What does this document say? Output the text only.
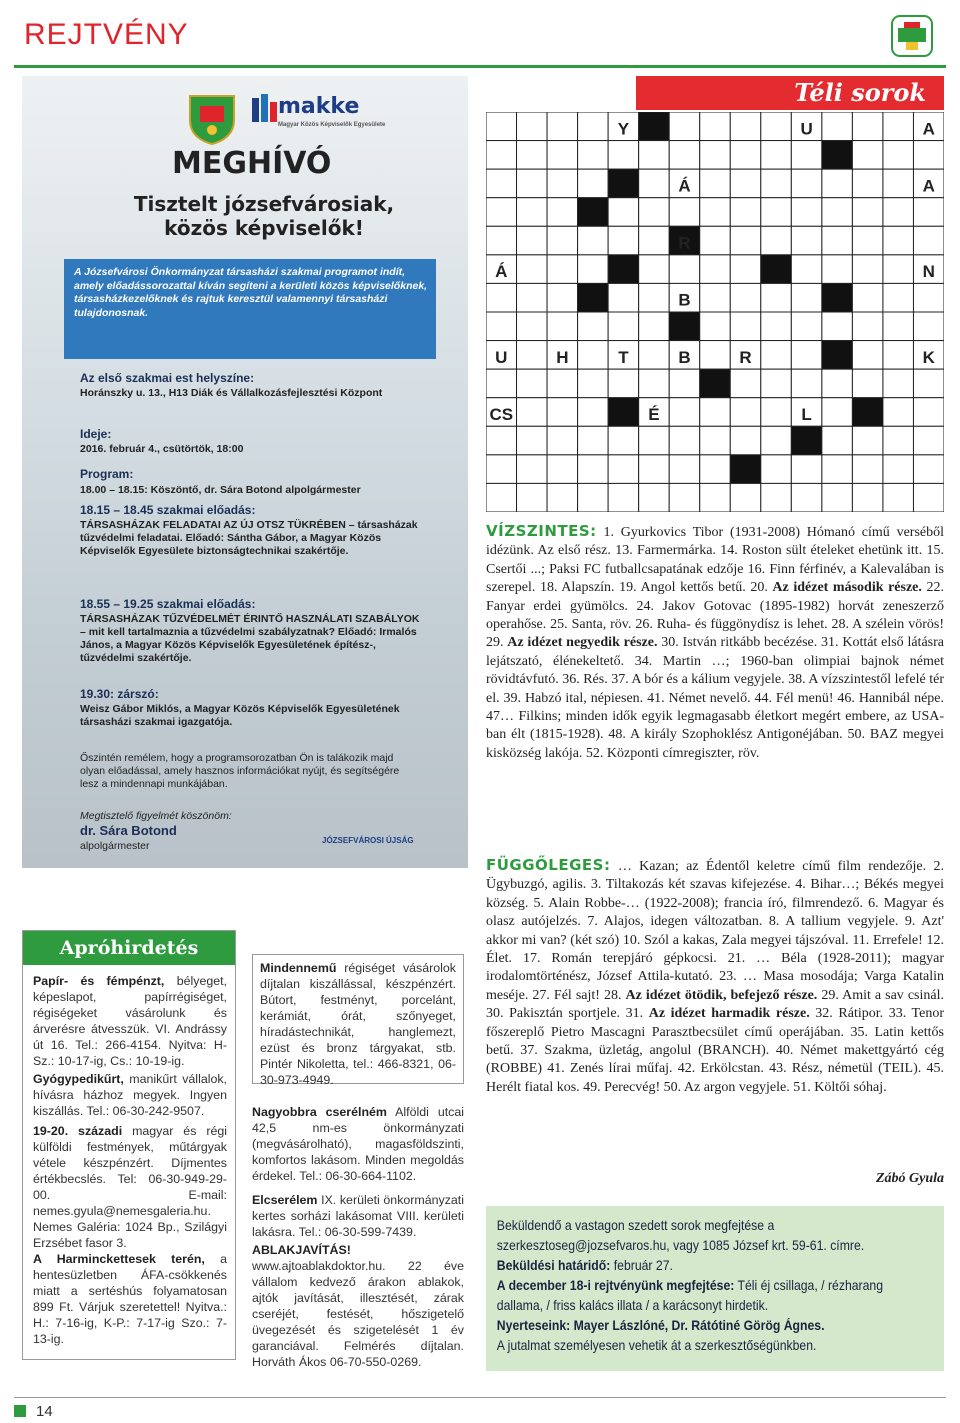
REJTVÉNY
makke
Magyar Közös Képviselők Egyesülete
MEGHÍVÓ
Tisztelt józsefvárosiak, közös képviselők!
A Józsefvárosi Önkormányzat társasházi szakmai programot indít, amely előadássorozattal kíván segíteni a kerületi közös képviselőknek, társasházkezelőknek és rajtuk keresztül valamennyi társasházi tulajdonosnak.
Az első szakmai est helyszíne:
Horánszky u. 13., H13 Diák és Vállalkozásfejlesztési Központ
Ideje:
2016. február 4., csütörtök, 18:00
Program:
18.00 – 18.15: Köszöntő, dr. Sára Botond alpolgármester
18.15 – 18.45 szakmai előadás:
TÁRSASHÁZAK FELADATAI AZ ÚJ OTSZ TÜKRÉBEN – társasházak tűzvédelmi feladatai. Előadó: Sántha Gábor, a Magyar Közös Képviselők Egyesülete biztonságtechnikai szakértője.
18.55 – 19.25 szakmai előadás:
TÁRSASHÁZAK TŰZVÉDELMÉT ÉRINTŐ HASZNÁLATI SZABÁLYOK – mit kell tartalmaznia a tűzvédelmi szabályzatnak? Előadó: Irmalós János, a Magyar Közös Képviselők Egyesületének építész-, tűzvédelmi szakértője.
19.30: zárszó:
Weisz Gábor Miklós, a Magyar Közös Képviselők Egyesületének társasházi szakmai igazgatója.
Őszintén remélem, hogy a programsorozatban Ön is talákozik majd olyan előadással, amely hasznos információkat nyújt, és segítségére lesz a mindennapi munkájában.
Megtisztelő figyelmét köszönöm:
dr. Sára Botond
alpolgármester	JÓZSEFVÁROSI ÚJSÁG
Téli sorok
Y	U	A
Á	A
R
Á	N
B
U	H	T	B	R	K
CS	É	L
VÍZSZINTES: 1. Gyurkovics Tibor (1931-2008) Hómanó című verséből idézünk. Az első rész. 13. Farmermárka. 14. Roston sült ételeket ehetünk itt. 15. Csertői ...; Paksi FC futballcsapatának edzője 16. Finn férfinév, a Kalevalában is szerepel. 18. Alapszín. 19. Angol kettős betű. 20. Az idézet második része. 22. Fanyar erdei gyümölcs. 24. Jakov Gotovac (1895-1982) horvát zeneszerző operahőse. 25. Santa, röv. 26. Ruha- és függönydísz is lehet. 28. A szélein vörös! 29. Az idézet negyedik része. 30. István ritkább becézése. 31. Kottát első látásra lejátszató, élénekeltető. 34. Martin …; 1960-ban olimpiai bajnok német rövidtávfutó. 36. Rés. 37. A bór és a kálium vegyjele. 38. A vízszintestől lefelé tér el. 39. Habzó ital, népiesen. 41. Német nevelő. 44. Fél menü! 46. Hannibál népe. 47… Filkins; minden idők egyik legmagasabb életkort megért embere, az USA-ban élt (1815-1928). 48. A király Szophoklész Antigonéjában. 50. BAZ megyei kisközség lakója. 52. Központi címregiszter, röv.
FÜGGŐLEGES: … Kazan; az Édentől keletre című film rendezője. 2. Ügybuzgó, agilis. 3. Tiltakozás két szavas kifejezése. 4. Bihar…; Békés megyei község. 5. Alain Robbe-… (1922-2008); francia író, filmrendező. 6. Magyar és olasz autójelzés. 7. Alajos, idegen változatban. 8. A tallium vegyjele. 9. Azt' akkor mi van? (két szó) 10. Szól a kakas, Zala megyei tájszóval. 11. Errefele! 12. Élet. 17. Román terepjáró gépkocsi. 21. … Béla (1928-2011); magyar irodalomtörténész, József Attila-kutató. 23. … Masa mosodája; Varga Katalin meséje. 27. Fél sajt! 28. Az idézet ötödik, befejező része. 29. Amit a sav csinál. 30. Pakisztán sportjele. 31. Az idézet harmadik része. 32. Rátipor. 33. Tenor főszereplő Pietro Mascagni Parasztbecsület című operájában. 35. Latin kettős betű. 37. Szakma, üzletág, angolul (BRANCH). 40. Német makettgyártó cég (ROBBE) 41. Zenés lírai műfaj. 42. Erkölcstan. 43. Rész, németül (TEIL). 45. Herélt fiatal kos. 49. Perecvég! 50. Az argon vegyjele. 51. Költői sóhaj.
Zábó Gyula

Beküldendő a vastagon szedett sorok megfejtése a szerkesztoseg@jozsefvaros.hu, vagy 1085 József krt. 59-61. címre.

Beküldési határidő: február 27.

A december 18-i rejtvényünk megfejtése: Téli éj csillaga, / rézharang dallama, / friss kalács illata / a karácsonyt hirdetik.

Nyerteseink: Mayer Lászlóné, Dr. Rátótiné Görög Ágnes.

A jutalmat személyesen vehetik át a szerkesztőségünkben.

Apróhirdetés
Papír- és fémpénzt, bélyeget, képeslapot, papírrégiséget, régiségeket vásárolunk és árverésre átvesszük. VI. Andrássy út 16. Tel.: 266-4154. Nyitva: H-Sz.: 10-17-ig, Cs.: 10-19-ig.
Gyógypedikűrt, manikűrt vállalok, hívásra házhoz megyek. Ingyen kiszállás. Tel.: 06-30-242-9507.
19-20. századi magyar és régi külföldi festmények, műtárgyak vétele készpénzért. Díjmentes értékbecslés. Tel: 06-30-949-29-00. E-mail: nemes.gyula@nemesgaleria.hu. Nemes Galéria: 1024 Bp., Szilágyi Erzsébet fasor 3.
A Harminckettesek terén, a hentesüzletben ÁFA-csökkenés miatt a sertéshús folyamatosan 899 Ft. Várjuk szeretettel! Nyitva.: H.: 7-16-ig, K-P.: 7-17-ig Szo.: 7-13-ig.
Mindennemű régiséget vásárolok díjtalan kiszállással, készpénzért. Bútort, festményt, porcelánt, kerámiát, órát, szőnyeget, híradástechnikát, hanglemezt, ezüst és bronz tárgyakat, stb. Pintér Nikoletta, tel.: 466-8321, 06-30-973-4949.
Nagyobbra cserélném Alföldi utcai 42,5 nm-es önkormányzati (megvásárolható), magasföldszinti, komfortos lakásom. Minden megoldás érdekel. Tel.: 06-30-664-1102.
Elcserélem IX. kerületi önkormányzati kertes sorházi lakásomat VIII. kerületi lakásra. Tel.: 06-30-599-7439.
ABLAKJAVÍTÁS! www.ajtoablakdoktor.hu. 22 éve vállalom kedvező árakon ablakok, ajtók javítását, illesztését, zárak cseréjét, festését, hőszigetelő üvegezését és szigetelését 1 év garanciával. Felmérés díjtalan. Horváth Ákos 06-70-550-0269.
14
